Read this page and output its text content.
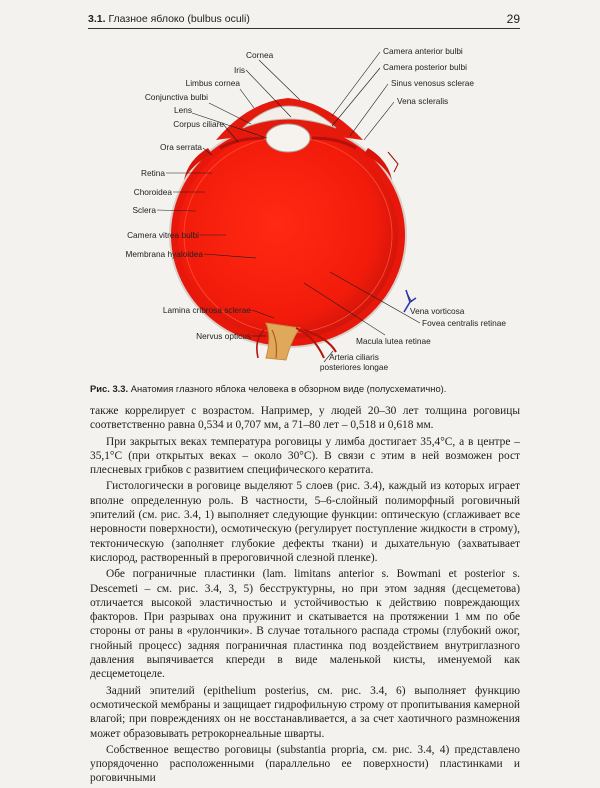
3.1. Глазное яблоко (bulbus oculi)	29
Cornea
Iris
Limbus cornea
Conjunctiva bulbi
Lens
Corpus ciliare
Ora serrata
Retina
Choroidea
Sclera
Camera vitrea bulbi
Membrana hyaloidea
Lamina cribrosa sclerae
Nervus opticus
Camera anterior bulbi
Camera posterior bulbi
Sinus venosus sclerae
Vena scleralis
Vena vorticosa
Fovea centralis retinae
Macula lutea retinae
Arteria ciliaris
posteriores longae
Рис. 3.3. Анатомия глазного яблока человека в обзорном виде (полусхематично).

также коррелирует с возрастом. Например, у людей 20–30 лет толщина роговицы соответственно равна 0,534 и 0,707 мм, а 71–80 лет – 0,518 и 0,618 мм.

При закрытых веках температура роговицы у лимба достигает 35,4°С, а в центре – 35,1°С (при открытых веках – около 30°С). В связи с этим в ней возможен рост плесневых грибков с развитием специфического кератита.

Гистологически в роговице выделяют 5 слоев (рис. 3.4), каждый из которых играет вполне определенную роль. В частности, 5–6-слойный полиморфный роговичный эпителий (см. рис. 3.4, 1) выполняет следующие функции: оптическую (сглаживает все неровности поверхности), осмотическую (регулирует поступление жидкости в строму), тектоническую (заполняет глубокие дефекты ткани) и дыхательную (захватывает кислород, растворенный в прероговичной слезной пленке).

Обе пограничные пластинки (lam. limitans anterior s. Bowmani et posterior s. Descemeti – см. рис. 3.4, 3, 5) бесструктурны, но при этом задняя (десцеметова) отличается высокой эластичностью и устойчивостью к действию повреждающих факторов. При разрывах она пружинит и скатывается на протяжении 1 мм по обе стороны от раны в «рулончики». В случае тотального распада стромы (глубокий ожог, гнойный процесс) задняя пограничная пластинка под воздействием внутриглазного давления выпячивается кпереди в виде маленькой кисты, именуемой как десцеметоцеле.

Задний эпителий (epithelium posterius, см. рис. 3.4, 6) выполняет функцию осмотической мембраны и защищает гидрофильную строму от пропитывания камерной влагой; при повреждениях он не восстанавливается, а за счет хаотичного размножения может образовывать ретрокорнеальные шварты.

Собственное вещество роговицы (substantia propria, см. рис. 3.4, 4) представлено упорядоченно расположенными (параллельно ее поверхности) пластинками и роговичными
